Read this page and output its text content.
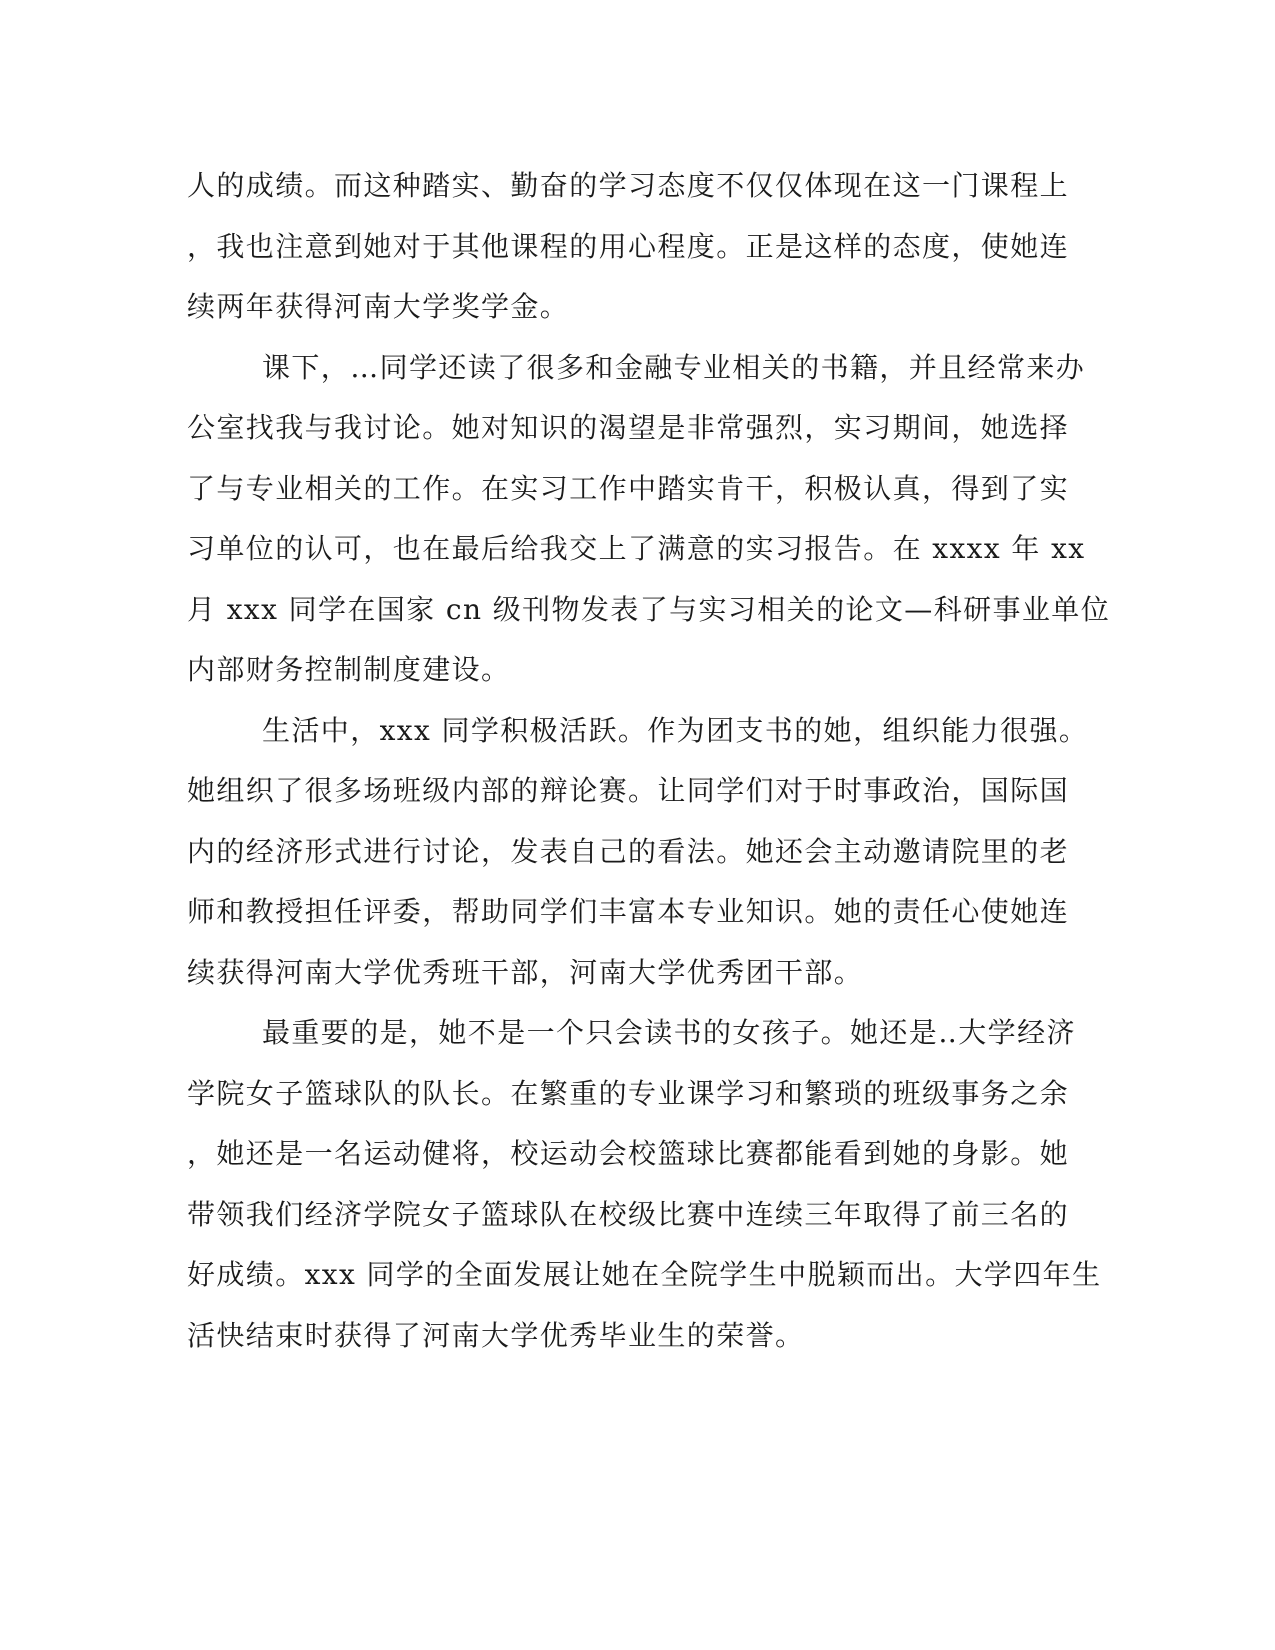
人的成绩。而这种踏实、勤奋的学习态度不仅仅体现在这一门课程上
，我也注意到她对于其他课程的用心程度。正是这样的态度，使她连
续两年获得河南大学奖学金。
课下，…同学还读了很多和金融专业相关的书籍，并且经常来办
公室找我与我讨论。她对知识的渴望是非常强烈，实习期间，她选择
了与专业相关的工作。在实习工作中踏实肯干，积极认真，得到了实
习单位的认可，也在最后给我交上了满意的实习报告。在 xxxx 年 xx
月 xxx 同学在国家 cn 级刊物发表了与实习相关的论文—科研事业单位
内部财务控制制度建设。
生活中，xxx 同学积极活跃。作为团支书的她，组织能力很强。
她组织了很多场班级内部的辩论赛。让同学们对于时事政治，国际国
内的经济形式进行讨论，发表自己的看法。她还会主动邀请院里的老
师和教授担任评委，帮助同学们丰富本专业知识。她的责任心使她连
续获得河南大学优秀班干部，河南大学优秀团干部。
最重要的是，她不是一个只会读书的女孩子。她还是‥大学经济
学院女子篮球队的队长。在繁重的专业课学习和繁琐的班级事务之余
，她还是一名运动健将，校运动会校篮球比赛都能看到她的身影。她
带领我们经济学院女子篮球队在校级比赛中连续三年取得了前三名的
好成绩。xxx 同学的全面发展让她在全院学生中脱颖而出。大学四年生
活快结束时获得了河南大学优秀毕业生的荣誉。
